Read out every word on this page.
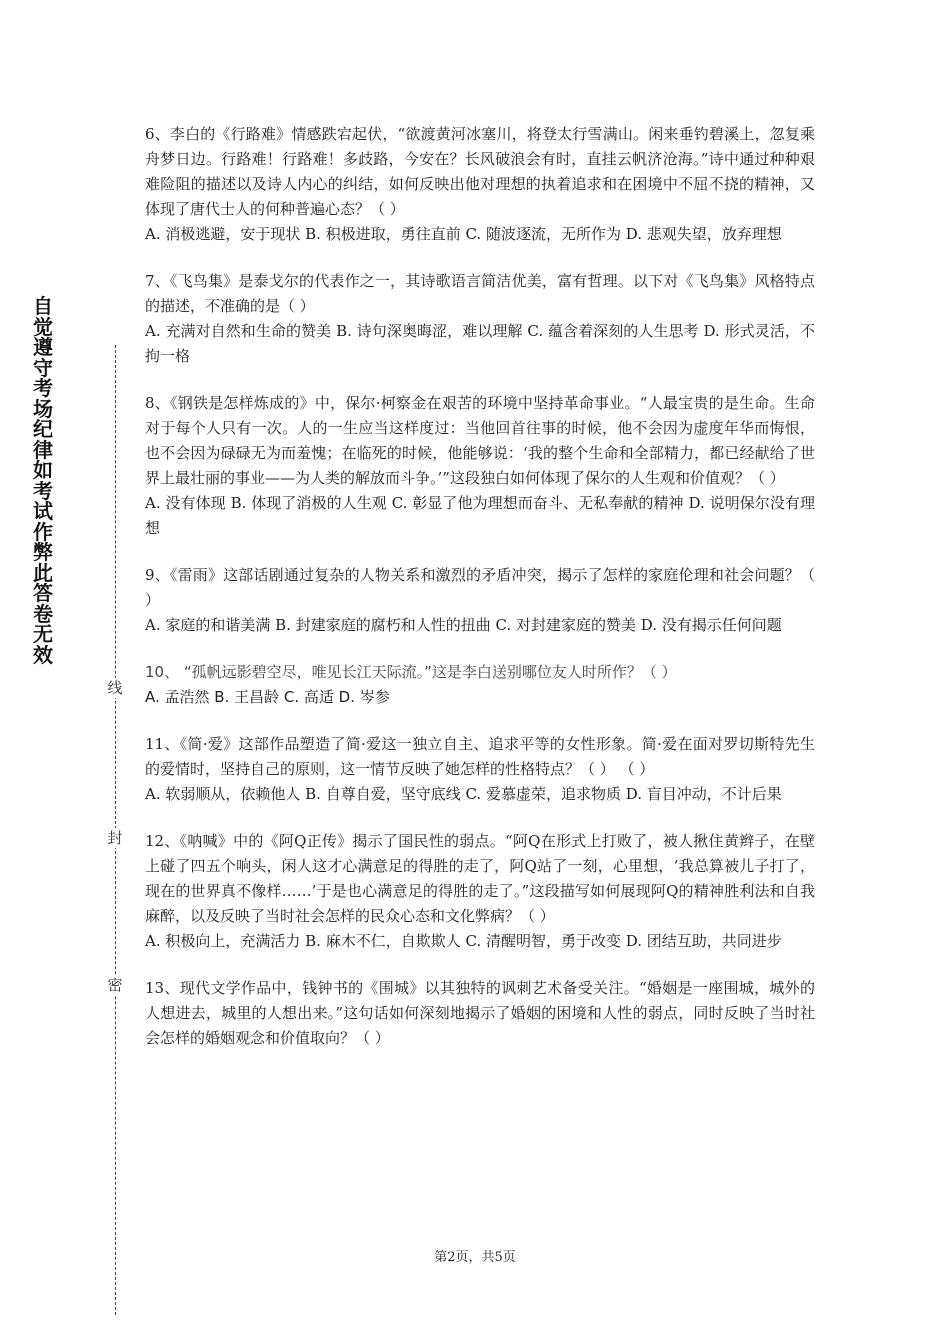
自觉遵守考场纪律如考试作弊此答卷无效
线
封
密

6、李白的《行路难》情感跌宕起伏，“欲渡黄河冰塞川，将登太行雪满山。闲来垂钓碧溪上，忽复乘舟梦日边。行路难！行路难！多歧路，今安在？长风破浪会有时，直挂云帆济沧海。”诗中通过种种艰难险阻的描述以及诗人内心的纠结，如何反映出他对理想的执着追求和在困境中不屈不挠的精神，又体现了唐代士人的何种普遍心态？（ ）

A. 消极逃避，安于现状 B. 积极进取，勇往直前 C. 随波逐流，无所作为 D. 悲观失望，放弃理想

7、《飞鸟集》是泰戈尔的代表作之一，其诗歌语言简洁优美，富有哲理。以下对《飞鸟集》风格特点的描述，不准确的是（ ）

A. 充满对自然和生命的赞美 B. 诗句深奥晦涩，难以理解 C. 蕴含着深刻的人生思考 D. 形式灵活，不拘一格

8、《钢铁是怎样炼成的》中，保尔·柯察金在艰苦的环境中坚持革命事业。“人最宝贵的是生命。生命对于每个人只有一次。人的一生应当这样度过：当他回首往事的时候，他不会因为虚度年华而悔恨，也不会因为碌碌无为而羞愧；在临死的时候，他能够说：‘我的整个生命和全部精力，都已经献给了世界上最壮丽的事业——为人类的解放而斗争。’”这段独白如何体现了保尔的人生观和价值观？（ ）

A. 没有体现 B. 体现了消极的人生观 C. 彰显了他为理想而奋斗、无私奉献的精神 D. 说明保尔没有理想

9、《雷雨》这部话剧通过复杂的人物关系和激烈的矛盾冲突，揭示了怎样的家庭伦理和社会问题？（ ）

A. 家庭的和谐美满 B. 封建家庭的腐朽和人性的扭曲 C. 对封建家庭的赞美 D. 没有揭示任何问题

10、 “孤帆远影碧空尽，唯见长江天际流。”这是李白送别哪位友人时所作？（ ）

A. 孟浩然 B. 王昌龄 C. 高适 D. 岑参

11、《简·爱》这部作品塑造了简·爱这一独立自主、追求平等的女性形象。简·爱在面对罗切斯特先生的爱情时，坚持自己的原则，这一情节反映了她怎样的性格特点？（ ） （ ）

A. 软弱顺从，依赖他人 B. 自尊自爱，坚守底线 C. 爱慕虚荣，追求物质 D. 盲目冲动，不计后果

12、《呐喊》中的《阿Q正传》揭示了国民性的弱点。“阿Q在形式上打败了，被人揪住黄辫子，在壁上碰了四五个响头，闲人这才心满意足的得胜的走了，阿Q站了一刻，心里想，‘我总算被儿子打了，现在的世界真不像样……’于是也心满意足的得胜的走了。”这段描写如何展现阿Q的精神胜利法和自我麻醉，以及反映了当时社会怎样的民众心态和文化弊病？（ ）

A. 积极向上，充满活力 B. 麻木不仁，自欺欺人 C. 清醒明智，勇于改变 D. 团结互助，共同进步

13、现代文学作品中，钱钟书的《围城》以其独特的讽刺艺术备受关注。“婚姻是一座围城，城外的人想进去，城里的人想出来。”这句话如何深刻地揭示了婚姻的困境和人性的弱点，同时反映了当时社会怎样的婚姻观念和价值取向？（ ）

第2页，共5页
